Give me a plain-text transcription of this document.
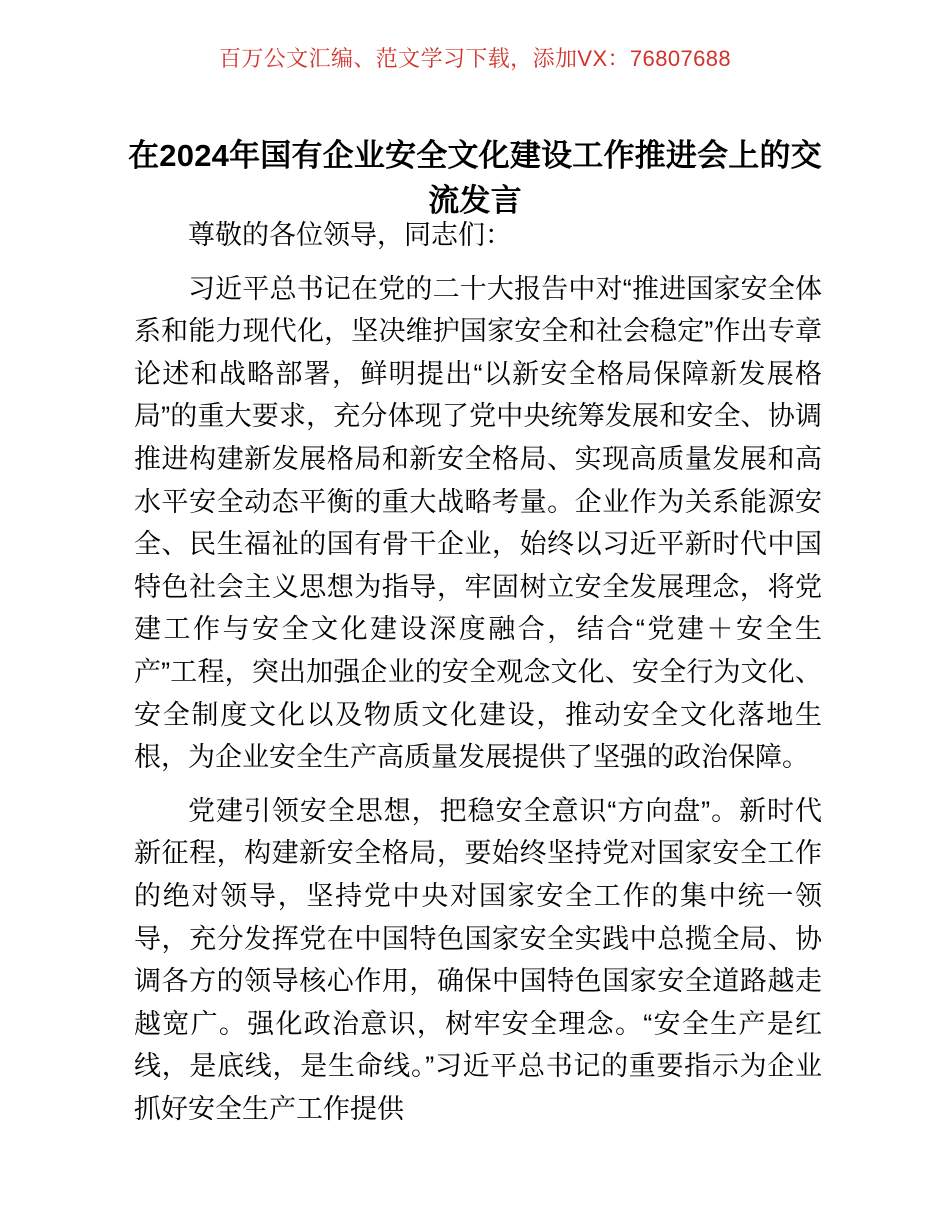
百万公文汇编、范文学习下载，添加VX：76807688
在2024年国有企业安全文化建设工作推进会上的交流发言

尊敬的各位领导，同志们：

习近平总书记在党的二十大报告中对“推进国家安全体系和能力现代化，坚决维护国家安全和社会稳定”作出专章论述和战略部署，鲜明提出“以新安全格局保障新发展格局”的重大要求，充分体现了党中央统筹发展和安全、协调推进构建新发展格局和新安全格局、实现高质量发展和高水平安全动态平衡的重大战略考量。企业作为关系能源安全、民生福祉的国有骨干企业，始终以习近平新时代中国特色社会主义思想为指导，牢固树立安全发展理念，将党建工作与安全文化建设深度融合，结合“党建＋安全生产”工程，突出加强企业的安全观念文化、安全行为文化、安全制度文化以及物质文化建设，推动安全文化落地生根，为企业安全生产高质量发展提供了坚强的政治保障。

党建引领安全思想，把稳安全意识“方向盘”。新时代新征程，构建新安全格局，要始终坚持党对国家安全工作的绝对领导，坚持党中央对国家安全工作的集中统一领导，充分发挥党在中国特色国家安全实践中总揽全局、协调各方的领导核心作用，确保中国特色国家安全道路越走越宽广。强化政治意识，树牢安全理念。“安全生产是红线，是底线，是生命线。”习近平总书记的重要指示为企业抓好安全生产工作提供
